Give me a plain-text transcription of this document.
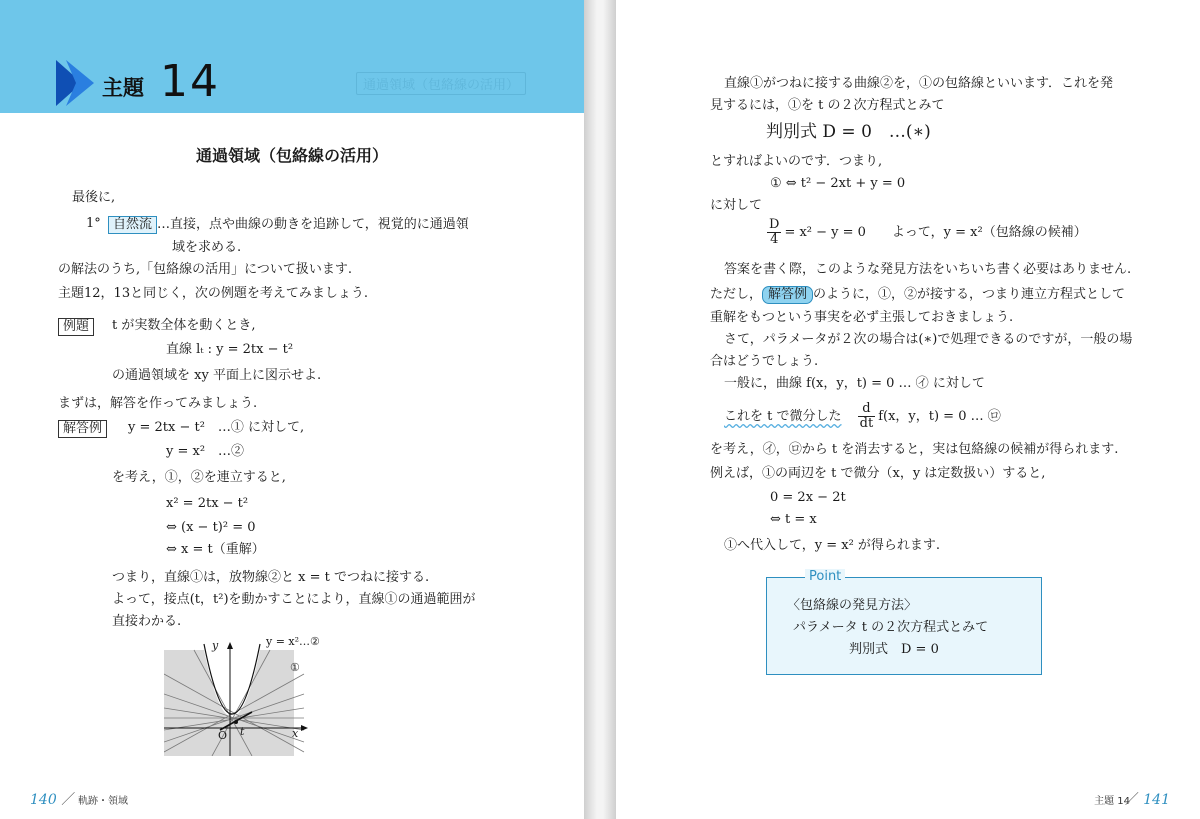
主題 14	通過領域（包絡線の活用）
通過領域（包絡線の活用）
最後に,
1° 自然流 …直接，点や曲線の動きを追跡して，視覚的に通過領
域を求める.
の解法のうち,「包絡線の活用」について扱います.
主題12，13と同じく，次の例題を考えてみましょう.
例題	t が実数全体を動くとき,
直線 lₜ : y = 2tx − t²
の通過領域を xy 平面上に図示せよ.
まずは，解答を作ってみましょう.
解答例	y = 2tx − t²　…① に対して,
y = x²　…②
を考え，①，②を連立すると,
x² = 2tx − t²
⇔ (x − t)² = 0
⇔ x = t（重解）
つまり，直線①は，放物線②と x = t でつねに接する.
よって，接点(t，t²)を動かすことにより，直線①の通過範囲が
直接わかる.
y	y = x²…②
①
x
O t
140 ／ 軌跡・領域
直線①がつねに接する曲線②を，①の包絡線といいます．これを発
見するには，①を t の２次方程式とみて
判別式 D = 0　…(∗)
とすればよいのです．つまり,
① ⇔ t² − 2xt + y = 0
に対して
$\frac{D}{4} = x^2 - y = 0$　　よって，y = x²（包絡線の候補）
答案を書く際，このような発見方法をいちいち書く必要はありません.
ただし， 解答例 のように，①，②が接する，つまり連立方程式として
重解をもつという事実を必ず主張しておきましょう.
さて，パラメータが２次の場合は(∗)で処理できるのですが，一般の場
合はどうでしょう.
一般に，曲線 f(x，y，t) = 0 … ㋑ に対して
これを t で微分した $\frac{d}{dt} f(x$，y，t) = 0 … ㋺
を考え，㋑，㋺から t を消去すると，実は包絡線の候補が得られます.
例えば，①の両辺を t で微分（x，y は定数扱い）すると,
0 = 2x − 2t
⇔ t = x
①へ代入して，y = x² が得られます.
Point
〈包絡線の発見方法〉
パラメータ t の２次方程式とみて
判別式　D = 0
主題 14
／ 141
